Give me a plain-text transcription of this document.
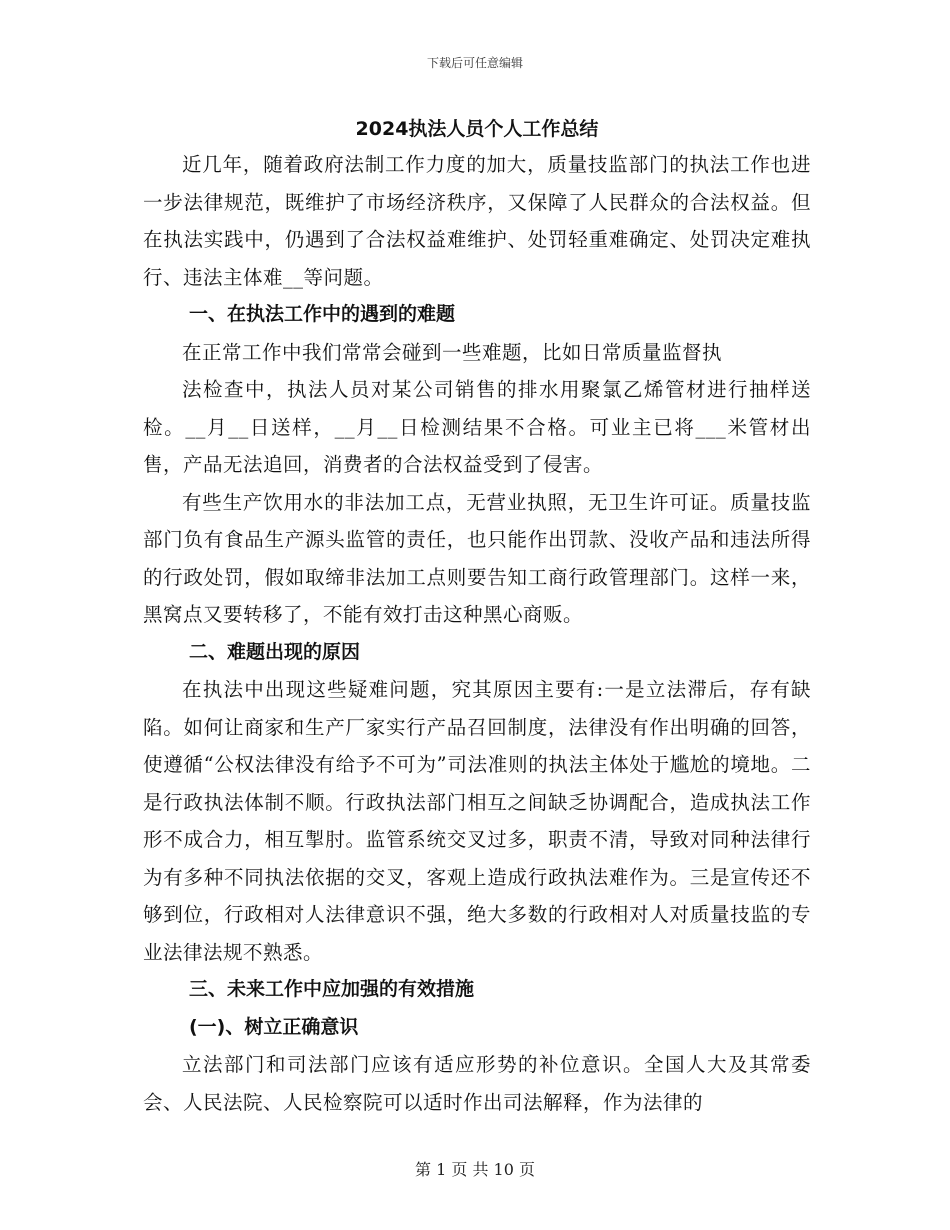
下载后可任意编辑
2024执法人员个人工作总结

近几年，随着政府法制工作力度的加大，质量技监部门的执法工作也进一步法律规范，既维护了市场经济秩序，又保障了人民群众的合法权益。但在执法实践中，仍遇到了合法权益难维护、处罚轻重难确定、处罚决定难执行、违法主体难__等问题。

一、在执法工作中的遇到的难题

在正常工作中我们常常会碰到一些难题，比如日常质量监督执

法检查中，执法人员对某公司销售的排水用聚氯乙烯管材进行抽样送检。__月__日送样，__月__日检测结果不合格。可业主已将___米管材出售，产品无法追回，消费者的合法权益受到了侵害。

有些生产饮用水的非法加工点，无营业执照，无卫生许可证。质量技监部门负有食品生产源头监管的责任，也只能作出罚款、没收产品和违法所得的行政处罚，假如取缔非法加工点则要告知工商行政管理部门。这样一来，黑窝点又要转移了，不能有效打击这种黑心商贩。

二、难题出现的原因

在执法中出现这些疑难问题，究其原因主要有:一是立法滞后，存有缺陷。如何让商家和生产厂家实行产品召回制度，法律没有作出明确的回答，使遵循“公权法律没有给予不可为”司法准则的执法主体处于尴尬的境地。二是行政执法体制不顺。行政执法部门相互之间缺乏协调配合，造成执法工作形不成合力，相互掣肘。监管系统交叉过多，职责不清，导致对同种法律行为有多种不同执法依据的交叉，客观上造成行政执法难作为。三是宣传还不够到位，行政相对人法律意识不强，绝大多数的行政相对人对质量技监的专业法律法规不熟悉。

三、未来工作中应加强的有效措施
(一)、树立正确意识

立法部门和司法部门应该有适应形势的补位意识。全国人大及其常委会、人民法院、人民检察院可以适时作出司法解释，作为法律的

第 1 页 共 10 页
